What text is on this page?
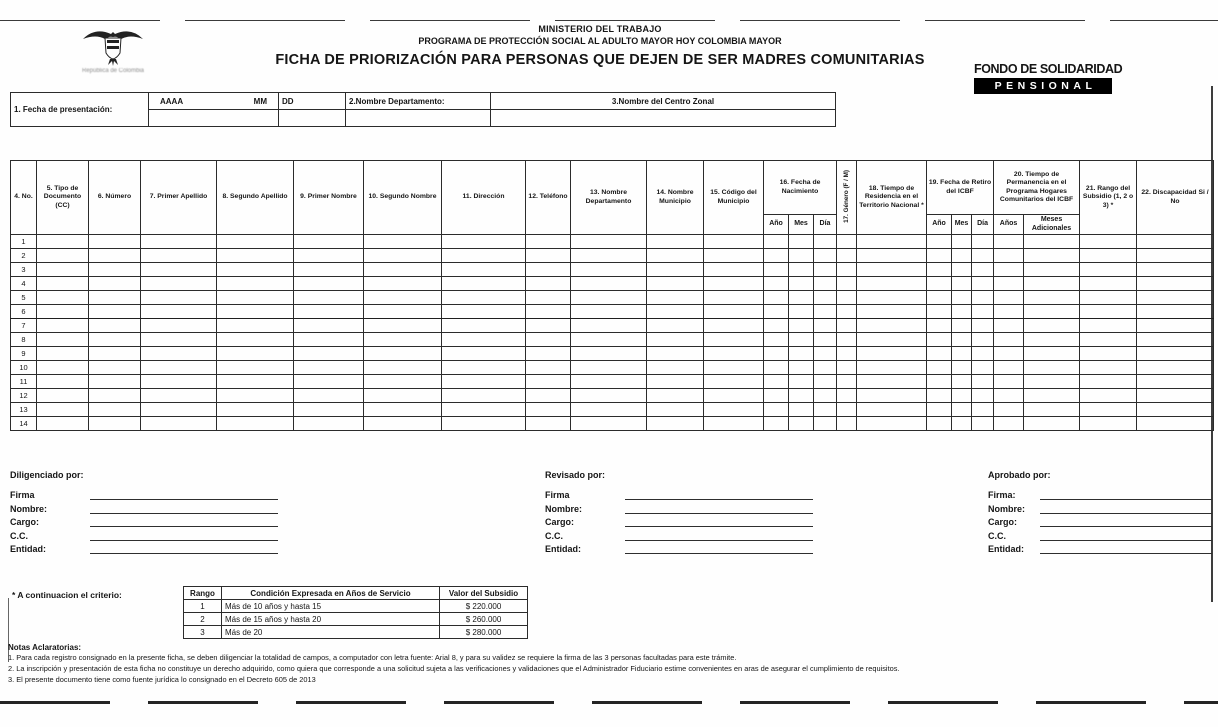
República de Colombia
MINISTERIO DEL TRABAJO
PROGRAMA DE PROTECCIÓN SOCIAL AL ADULTO MAYOR HOY COLOMBIA MAYOR
FICHA DE PRIORIZACIÓN PARA PERSONAS QUE DEJEN DE SER MADRES COMUNITARIAS
FONDO DE SOLIDARIDAD
PENSIONAL
1. Fecha de presentación:	AAAA MM	DD	2.Nombre Departamento:	3.Nombre del Centro Zonal

4. No.	5. Tipo de Documento (CC)	6. Número	7. Primer Apellido	8. Segundo Apellido	9. Primer Nombre	10. Segundo Nombre	11. Dirección	12. Teléfono	13. Nombre Departamento	14. Nombre Municipio	15. Código del Municipio	16. Fecha de Nacimiento			17. Género (F / M)	18. Tiempo de Residencia en el Territorio Nacional *	19. Fecha de Retiro del ICBF			20. Tiempo de Permanencia en el Programa Hogares Comunitarios del ICBF		21. Rango del Subsidio (1, 2 o 3) *	22. Discapacidad Si / No
												Año	Mes	Día			Año	Mes	Día	Años	Meses Adicionales		
1																							
2																							
3																							
4																							
5																							
6																							
7																							
8																							
9																							
10																							
11																							
12																							
13																							
14																							
Diligenciado por:
Firma
Nombre:
Cargo:
C.C.
Entidad:
Revisado por:
Firma
Nombre:
Cargo:
C.C.
Entidad:
Aprobado por:
Firma:
Nombre:
Cargo:
C.C.
Entidad:
* A continuacion el criterio:	Rango	Condición Expresada en Años de Servicio	Valor del Subsidio
1	Más de 10 años y hasta 15	$ 220.000
2	Más de 15 años y hasta 20	$ 260.000
3	Más de 20	$ 280.000
Notas Aclaratorias:
1. Para cada registro consignado en la presente ficha, se deben diligenciar la totalidad de campos, a computador con letra fuente: Arial 8, y para su validez se requiere la firma de las 3 personas facultadas para este trámite.
2. La inscripción y presentación de esta ficha no constituye un derecho adquirido, como quiera que corresponde a una solicitud sujeta a las verificaciones y validaciones que el Administrador Fiduciario estime convenientes en aras de asegurar el cumplimiento de requisitos.
3. El presente documento tiene como fuente jurídica lo consignado en el Decreto 605 de 2013
